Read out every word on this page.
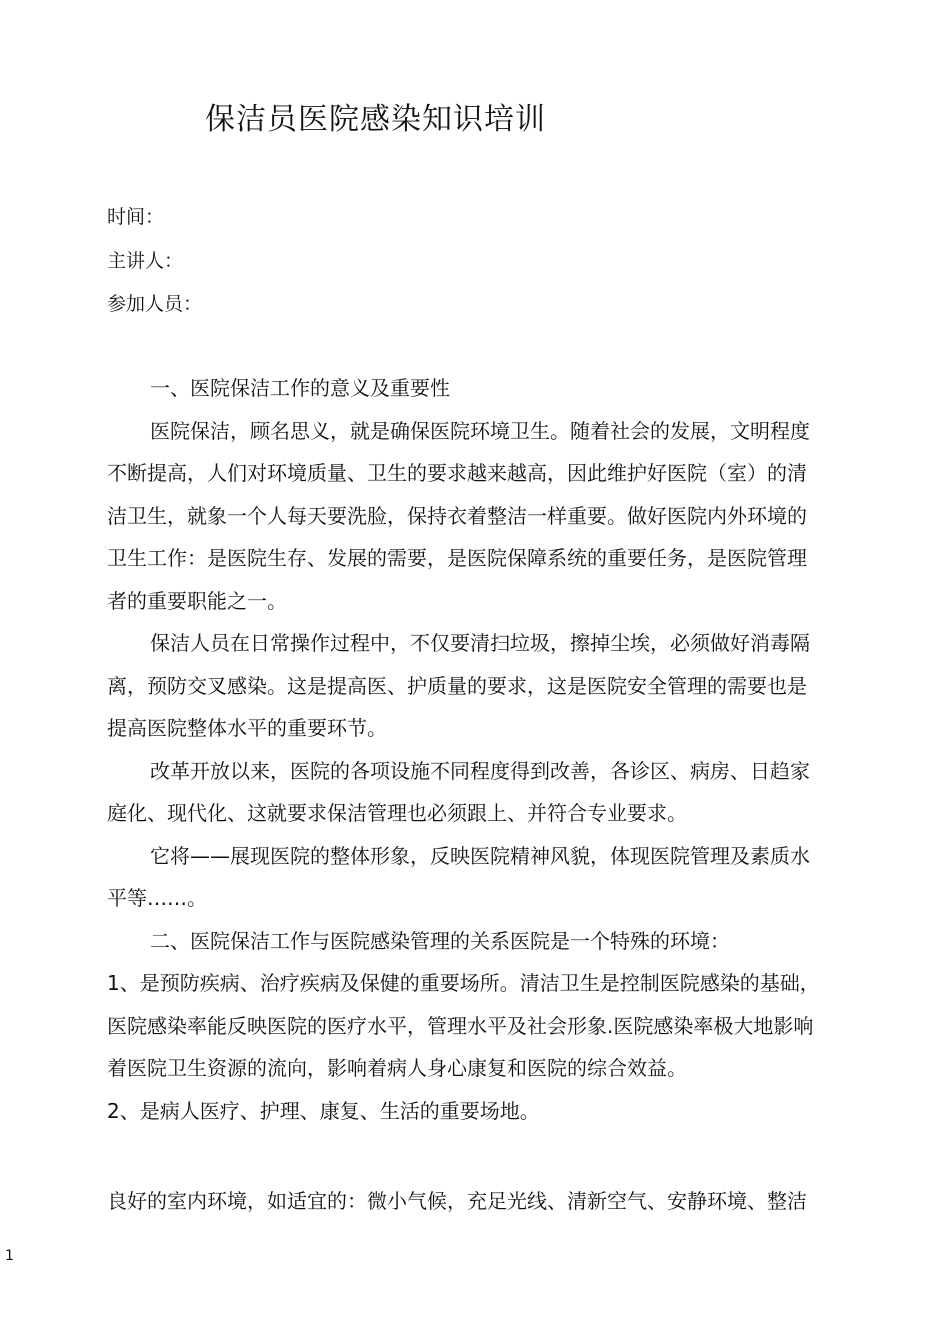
保洁员医院感染知识培训
时间：
主讲人：
参加人员：
一、医院保洁工作的意义及重要性
医院保洁，顾名思义，就是确保医院环境卫生。随着社会的发展，文明程度
不断提高，人们对环境质量、卫生的要求越来越高，因此维护好医院（室）的清
洁卫生，就象一个人每天要洗脸，保持衣着整洁一样重要。做好医院内外环境的
卫生工作：是医院生存、发展的需要，是医院保障系统的重要任务，是医院管理
者的重要职能之一。
保洁人员在日常操作过程中，不仅要清扫垃圾，擦掉尘埃，必须做好消毒隔
离，预防交叉感染。这是提高医、护质量的要求，这是医院安全管理的需要也是
提高医院整体水平的重要环节。
改革开放以来，医院的各项设施不同程度得到改善，各诊区、病房、日趋家
庭化、现代化、这就要求保洁管理也必须跟上、并符合专业要求。
它将——展现医院的整体形象，反映医院精神风貌，体现医院管理及素质水
平等……。
二、医院保洁工作与医院感染管理的关系医院是一个特殊的环境：
1、是预防疾病、治疗疾病及保健的重要场所。清洁卫生是控制医院感染的基础，
医院感染率能反映医院的医疗水平，管理水平及社会形象.医院感染率极大地影响
着医院卫生资源的流向，影响着病人身心康复和医院的综合效益。
2、是病人医疗、护理、康复、生活的重要场地。
良好的室内环境，如适宜的：微小气候，充足光线、清新空气、安静环境、整洁
1
